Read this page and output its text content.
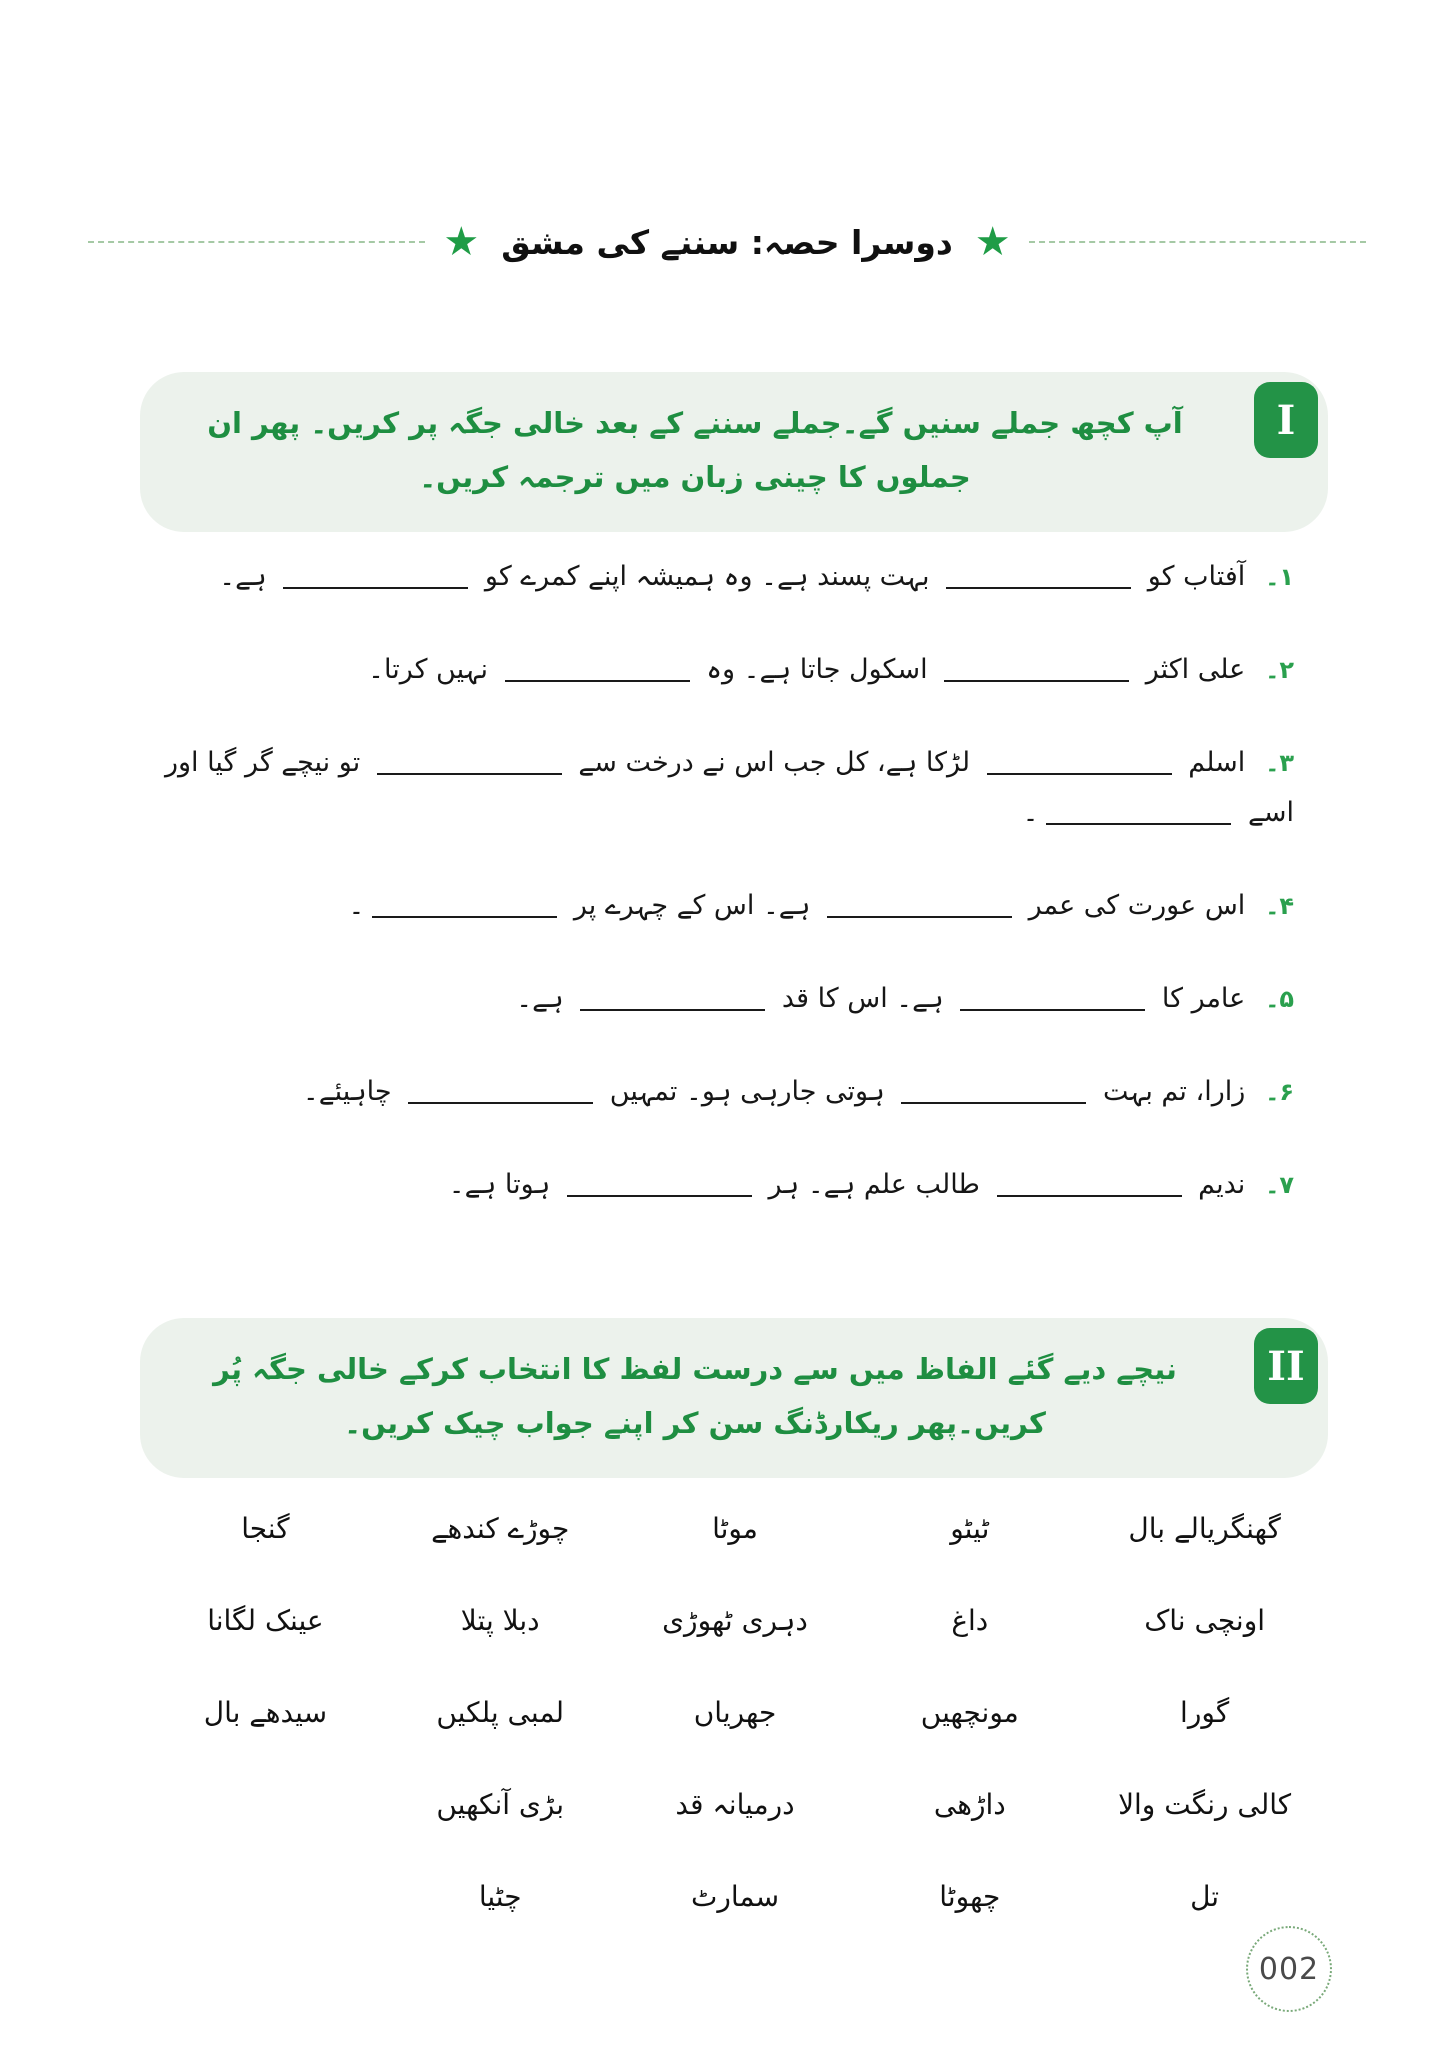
★ دوسرا حصہ: سننے کی مشق ★
I
آپ کچھ جملے سنیں گے۔جملے سننے کے بعد خالی جگہ پر کریں۔ پھر ان جملوں کا چینی زبان میں ترجمہ کریں۔
۱۔آفتاب کو  بہت پسند ہے۔ وہ ہمیشہ اپنے کمرے کو  ہے۔
۲۔علی اکثر  اسکول جاتا ہے۔ وہ  نہیں کرتا۔
۳۔اسلم  لڑکا ہے، کل جب اس نے درخت سے  تو نیچے گر گیا اور
اسے ۔
۴۔اس عورت کی عمر  ہے۔ اس کے چہرے پر ۔
۵۔عامر کا  ہے۔ اس کا قد  ہے۔
۶۔زارا، تم بہت  ہوتی جارہی ہو۔ تمہیں  چاہیئے۔
۷۔ندیم  طالب علم ہے۔ ہر  ہوتا ہے۔
II
نیچے دیے گئے الفاظ میں سے درست لفظ کا انتخاب کرکے خالی جگہ پُر کریں۔پھر ریکارڈنگ سن کر اپنے جواب چیک کریں۔
گھنگریالے بال
ٹیٹو
موٹا
چوڑے کندھے
گنجا
اونچی ناک
داغ
دہری ٹھوڑی
دبلا پتلا
عینک لگانا
گورا
مونچھیں
جھریاں
لمبی پلکیں
سیدھے بال
کالی رنگت والا
داڑھی
درمیانہ قد
بڑی آنکھیں
تل
چھوٹا
سمارٹ
چٹیا
002
